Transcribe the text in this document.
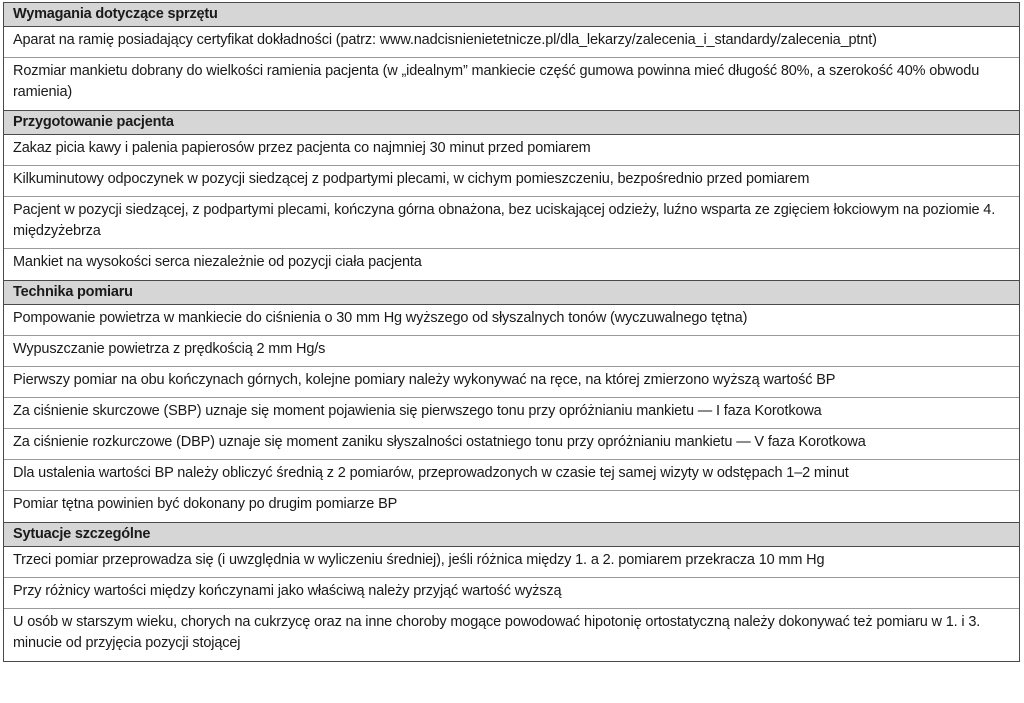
Wymagania dotyczące sprzętu
Aparat na ramię posiadający certyfikat dokładności (patrz: www.nadcisnienietetnicze.pl/dla_lekarzy/zalecenia_i_standardy/zalecenia_ptnt)
Rozmiar mankietu dobrany do wielkości ramienia pacjenta (w „idealnym” mankiecie część gumowa powinna mieć długość 80%, a szerokość 40% obwodu ramienia)
Przygotowanie pacjenta
Zakaz picia kawy i palenia papierosów przez pacjenta co najmniej 30 minut przed pomiarem
Kilkuminutowy odpoczynek w pozycji siedzącej z podpartymi plecami, w cichym pomieszczeniu, bezpośrednio przed pomiarem
Pacjent w pozycji siedzącej, z podpartymi plecami, kończyna górna obnażona, bez uciskającej odzieży, luźno wsparta ze zgięciem łokciowym na poziomie 4. międzyżebrza
Mankiet na wysokości serca niezależnie od pozycji ciała pacjenta
Technika pomiaru
Pompowanie powietrza w mankiecie do ciśnienia o 30 mm Hg wyższego od słyszalnych tonów (wyczuwalnego tętna)
Wypuszczanie powietrza z prędkością 2 mm Hg/s
Pierwszy pomiar na obu kończynach górnych, kolejne pomiary należy wykonywać na ręce, na której zmierzono wyższą wartość BP
Za ciśnienie skurczowe (SBP) uznaje się moment pojawienia się pierwszego tonu przy opróżnianiu mankietu — I faza Korotkowa
Za ciśnienie rozkurczowe (DBP) uznaje się moment zaniku słyszalności ostatniego tonu przy opróżnianiu mankietu — V faza Korotkowa
Dla ustalenia wartości BP należy obliczyć średnią z 2 pomiarów, przeprowadzonych w czasie tej samej wizyty w odstępach 1–2 minut
Pomiar tętna powinien być dokonany po drugim pomiarze BP
Sytuacje szczególne
Trzeci pomiar przeprowadza się (i uwzględnia w wyliczeniu średniej), jeśli różnica między 1. a 2. pomiarem przekracza 10 mm Hg
Przy różnicy wartości między kończynami jako właściwą należy przyjąć wartość wyższą
U osób w starszym wieku, chorych na cukrzycę oraz na inne choroby mogące powodować hipotonię ortostatyczną należy dokonywać też pomiaru w 1. i 3. minucie od przyjęcia pozycji stojącej
